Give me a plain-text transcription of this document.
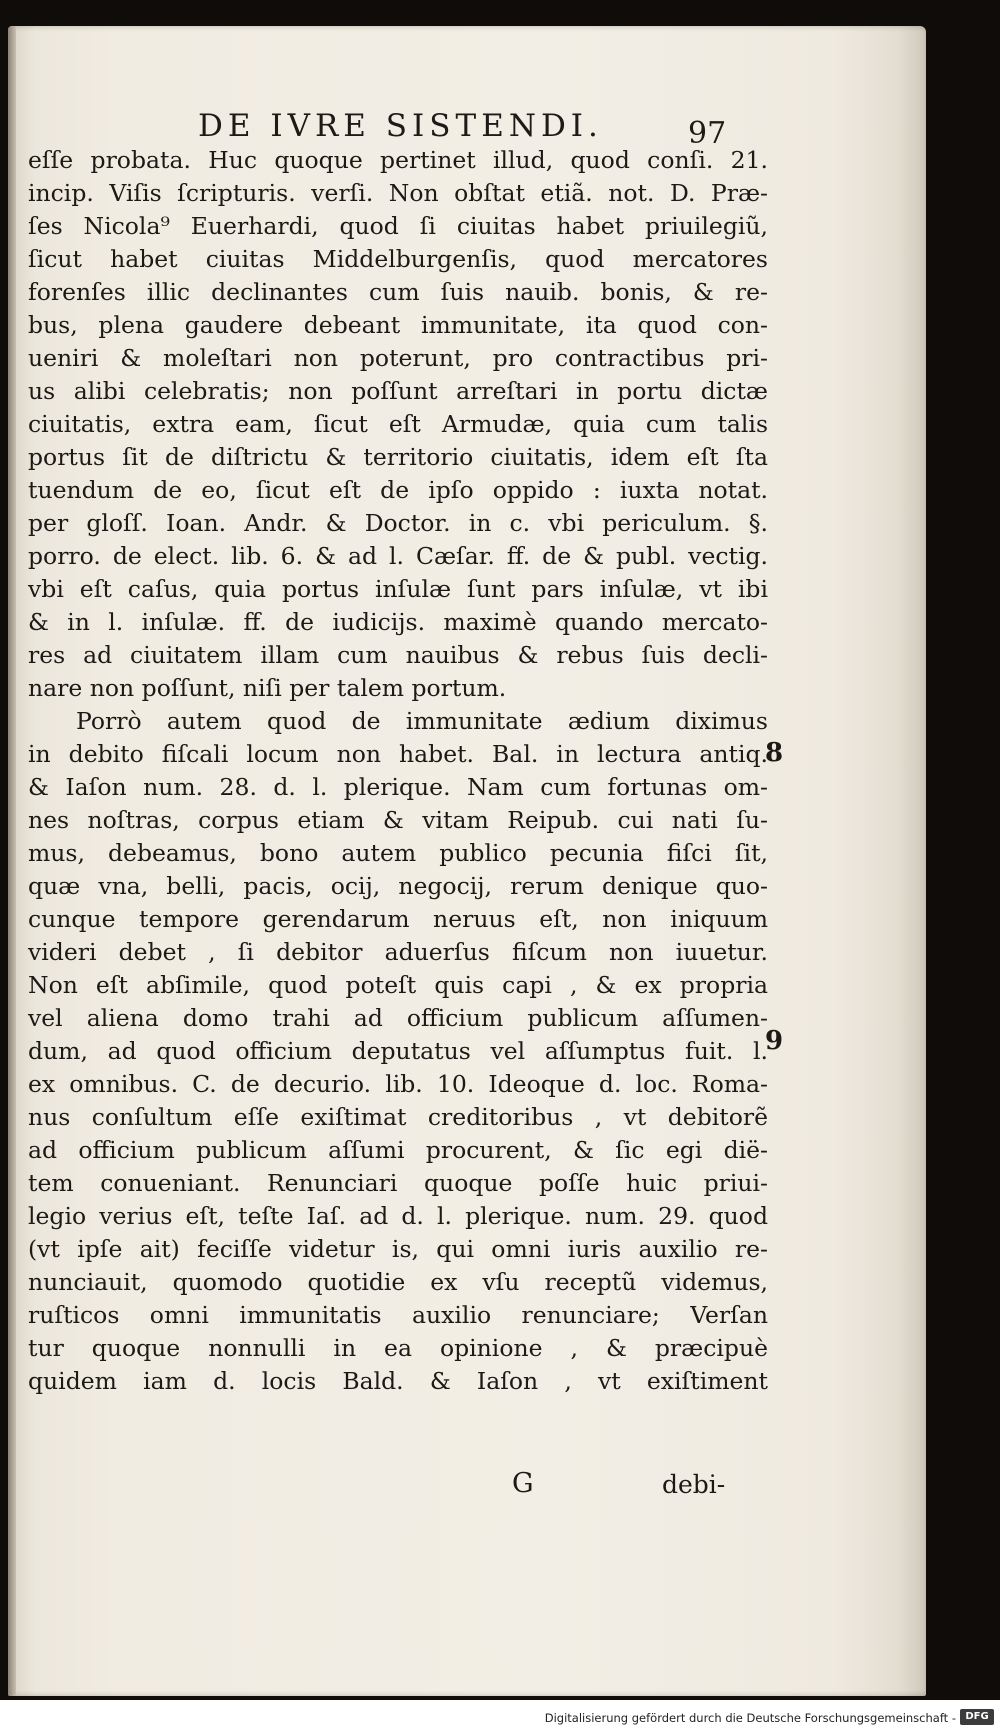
DE IVRE SISTENDI.	97
eſſe probata. Huc quoque pertinet illud, quod conſi. 21.
incip. Viſis ſcripturis. verſi. Non obſtat etiã. not. D. Præ-
ſes Nicola⁹ Euerhardi, quod ſi ciuitas habet priuilegiũ,
ſicut habet ciuitas Middelburgenſis, quod mercatores
forenſes illic declinantes cum ſuis nauib. bonis, & re-
bus, plena gaudere debeant immunitate, ita quod con-
ueniri & moleſtari non poterunt, pro contractibus pri-
us alibi celebratis; non poſſunt arreſtari in portu dictæ
ciuitatis, extra eam, ſicut eſt Armudæ, quia cum talis
portus ſit de diſtrictu & territorio ciuitatis, idem eſt ſta
tuendum de eo, ſicut eſt de ipſo oppido : iuxta notat.
per gloſſ. Ioan. Andr. & Doctor. in c. vbi periculum. §.
porro. de elect. lib. 6. & ad l. Cæſar. ff. de & publ. vectig.
vbi eſt caſus, quia portus inſulæ ſunt pars inſulæ, vt ibi
& in l. inſulæ. ff. de iudicijs. maximè quando mercato-
res ad ciuitatem illam cum nauibus & rebus ſuis decli-
nare non poſſunt, niſi per talem portum.
Porrò autem quod de immunitate ædium diximus
in debito fiſcali locum non habet. Bal. in lectura antiq.
& Iaſon num. 28. d. l. plerique. Nam cum fortunas om-
nes noſtras, corpus etiam & vitam Reipub. cui nati ſu-
mus, debeamus, bono autem publico pecunia fiſci ſit,
quæ vna, belli, pacis, ocij, negocij, rerum denique quo-
cunque tempore gerendarum neruus eſt, non iniquum
videri debet , ſi debitor aduerſus fiſcum non iuuetur.
Non eſt abſimile, quod poteſt quis capi , & ex propria
vel aliena domo trahi ad officium publicum aſſumen-
dum, ad quod officium deputatus vel aſſumptus fuit. l.
ex omnibus. C. de decurio. lib. 10. Ideoque d. loc. Roma-
nus conſultum eſſe exiſtimat creditoribus , vt debitorẽ
ad officium publicum aſſumi procurent, & ſic egi dië-
tem conueniant. Renunciari quoque poſſe huic priui-
legio verius eſt, teſte Iaſ. ad d. l. plerique. num. 29. quod
(vt ipſe ait) feciſſe videtur is, qui omni iuris auxilio re-
nunciauit, quomodo quotidie ex vſu receptũ videmus,
ruſticos omni immunitatis auxilio renunciare; Verſan
tur quoque nonnulli in ea opinione , & præcipuè
quidem iam d. locis Bald. & Iaſon , vt exiſtiment
8
9
G	debi-
Digitalisierung gefördert durch die Deutsche Forschungsgemeinschaft - DFG
